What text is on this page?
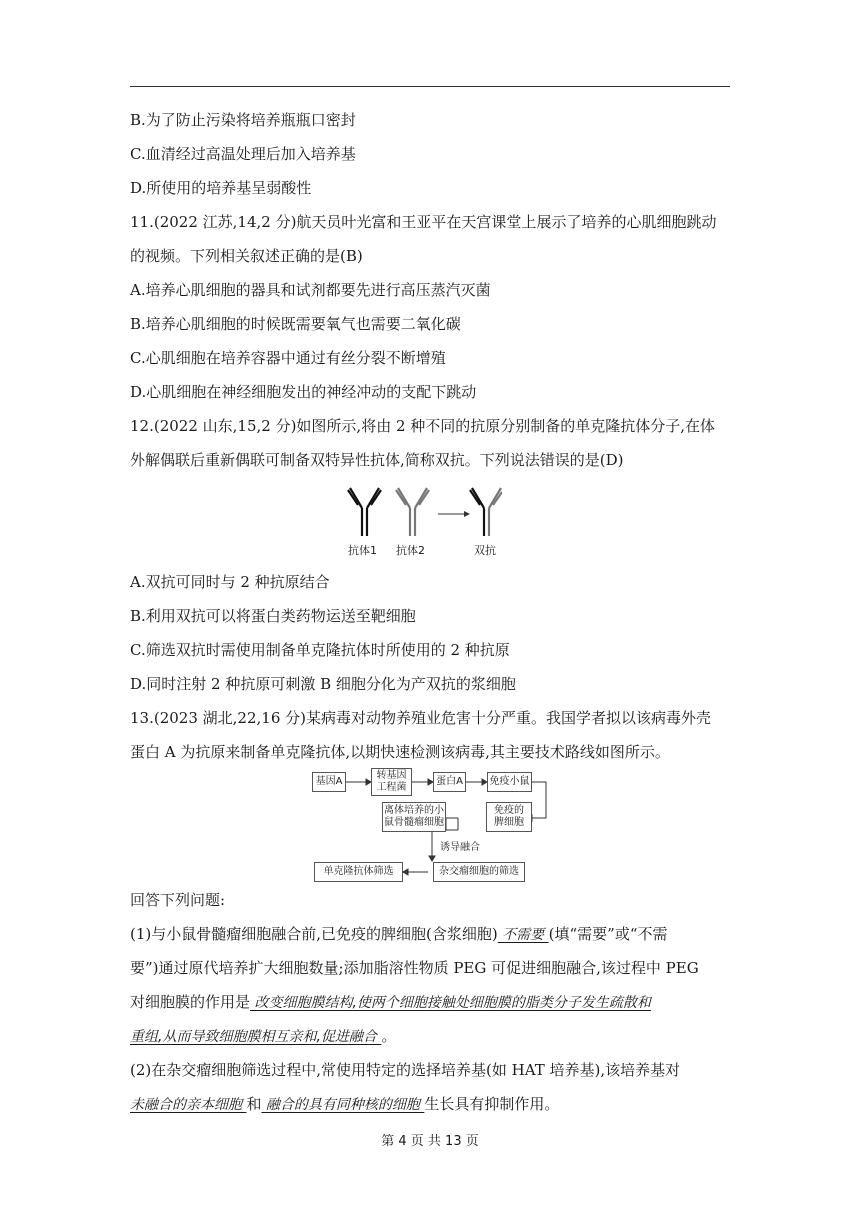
B.为了防止污染将培养瓶瓶口密封
C.血清经过高温处理后加入培养基
D.所使用的培养基呈弱酸性
11.(2022 江苏,14,2 分)航天员叶光富和王亚平在天宫课堂上展示了培养的心肌细胞跳动
的视频。下列相关叙述正确的是(B)
A.培养心肌细胞的器具和试剂都要先进行高压蒸汽灭菌
B.培养心肌细胞的时候既需要氧气也需要二氧化碳
C.心肌细胞在培养容器中通过有丝分裂不断增殖
D.心肌细胞在神经细胞发出的神经冲动的支配下跳动
12.(2022 山东,15,2 分)如图所示,将由 2 种不同的抗原分别制备的单克隆抗体分子,在体
外解偶联后重新偶联可制备双特异性抗体,简称双抗。下列说法错误的是(D)
抗体1 抗体2	双抗
A.双抗可同时与 2 种抗原结合
B.利用双抗可以将蛋白类药物运送至靶细胞
C.筛选双抗时需使用制备单克隆抗体时所使用的 2 种抗原
D.同时注射 2 种抗原可刺激 B 细胞分化为产双抗的浆细胞
13.(2023 湖北,22,16 分)某病毒对动物养殖业危害十分严重。我国学者拟以该病毒外壳
蛋白 A 为抗原来制备单克隆抗体,以期快速检测该病毒,其主要技术路线如图所示。
基因A
转基因
工程菌
蛋白A	免疫小鼠
离体培养的小
鼠骨髓瘤细胞
免疫的
脾细胞
诱导融合
单克隆抗体筛选	杂交瘤细胞的筛选
回答下列问题:
(1)与小鼠骨髓瘤细胞融合前,已免疫的脾细胞(含浆细胞) 不需要 (填“需要”或“不需
要”)通过原代培养扩大细胞数量;添加脂溶性物质 PEG 可促进细胞融合,该过程中 PEG
对细胞膜的作用是 改变细胞膜结构,使两个细胞接触处细胞膜的脂类分子发生疏散和
重组,从而导致细胞膜相互亲和,促进融合 。
(2)在杂交瘤细胞筛选过程中,常使用特定的选择培养基(如 HAT 培养基),该培养基对
未融合的亲本细胞 和 融合的具有同种核的细胞 生长具有抑制作用。
第 4 页 共 13 页
